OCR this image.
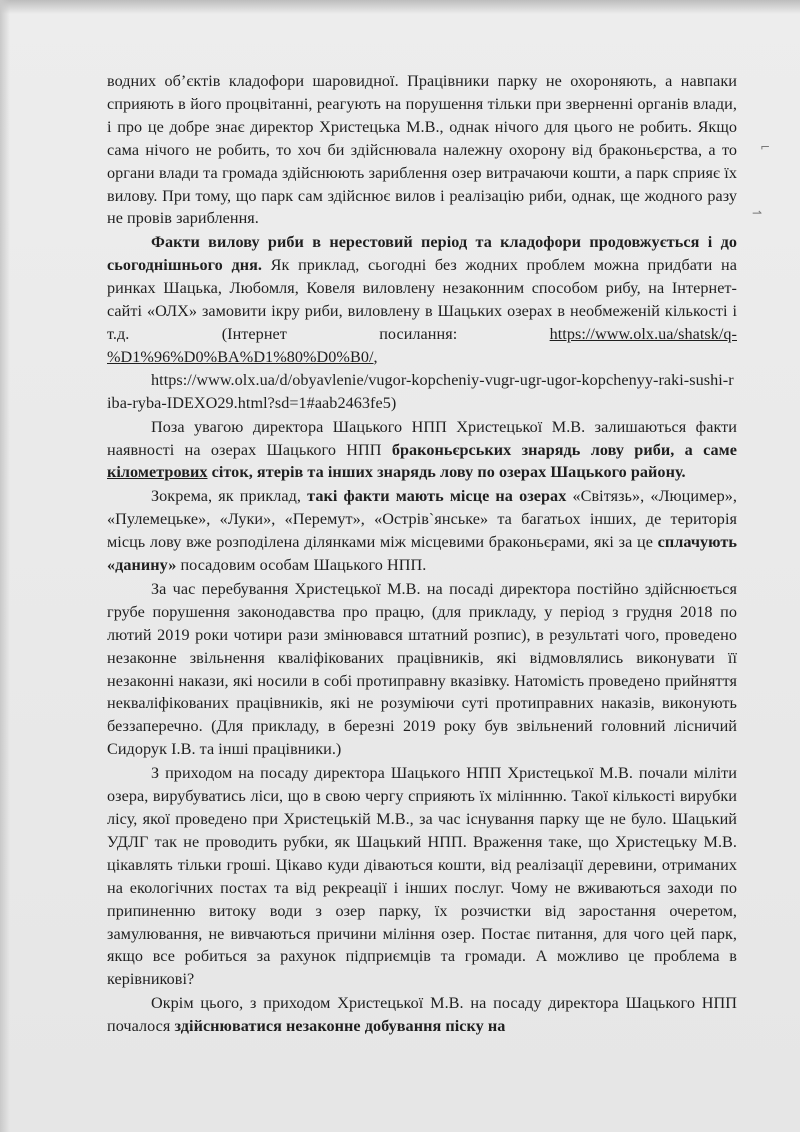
водних об’єктів кладофори шаровидної. Працівники парку не охороняють, а навпаки сприяють в його процвітанні, реагують на порушення тільки при зверненні органів влади, і про це добре знає директор Христецька М.В., однак нічого для цього не робить. Якщо сама нічого не робить, то хоч би здійснювала належну охорону від браконьєрства, а то органи влади та громада здійснюють зариблення озер витрачаючи кошти, а парк сприяє їх вилову. При тому, що парк сам здійснює вилов і реалізацію риби, однак, ще жодного разу не провів зариблення.

Факти вилову риби в нерестовий період та кладофори продовжується і до сьогоднішнього дня. Як приклад, сьогодні без жодних проблем можна придбати на ринках Шацька, Любомля, Ковеля виловлену незаконним способом рибу, на Інтернет-сайті «ОЛХ» замовити ікру риби, виловлену в Шацьких озерах в необмеженій кількості і т.д. (Інтернет посилання: https://www.olx.ua/shatsk/q-%D1%96%D0%BA%D1%80%D0%B0/,
https://www.olx.ua/d/obyavlenie/vugor-kopcheniy-vugr-ugr-ugor-kopchenyy-raki-sushi-riba-ryba-IDEXO29.html?sd=1#aab2463fe5)

Поза увагою директора Шацького НПП Христецької М.В. залишаються факти наявності на озерах Шацького НПП браконьєрських знарядь лову риби, а саме кілометрових сіток, ятерів та інших знарядь лову по озерах Шацького району.

Зокрема, як приклад, такі факти мають місце на озерах «Світязь», «Люцимер», «Пулемецьке», «Луки», «Перемут», «Острів`янське» та багатьох інших, де територія місць лову вже розподілена ділянками між місцевими браконьєрами, які за це сплачують «данину» посадовим особам Шацького НПП.

За час перебування Христецької М.В. на посаді директора постійно здійснюється грубе порушення законодавства про працю, (для прикладу, у період з грудня 2018 по лютий 2019 роки чотири рази змінювався штатний розпис), в результаті чого, проведено незаконне звільнення кваліфікованих працівників, які відмовлялись виконувати її незаконні накази, які носили в собі протиправну вказівку. Натомість проведено прийняття некваліфікованих працівників, які не розуміючи суті протиправних наказів, виконують беззаперечно. (Для прикладу, в березні 2019 року був звільнений головний лісничий Сидорук І.В. та інші працівники.)

З приходом на посаду директора Шацького НПП Христецької М.В. почали міліти озера, вирубуватись ліси, що в свою чергу сприяють їх міліннню. Такої кількості вирубки лісу, якої проведено при Христецькій М.В., за час існування парку ще не було. Шацький УДЛГ так не проводить рубки, як Шацький НПП. Враження таке, що Христецьку М.В. цікавлять тільки гроші. Цікаво куди діваються кошти, від реалізації деревини, отриманих на екологічних постах та від рекреації і інших послуг. Чому не вживаються заходи по припиненню витоку води з озер парку, їх розчистки від заростання очеретом, замулювання, не вивчаються причини міління озер. Постає питання, для чого цей парк, якщо все робиться за рахунок підприємців та громади. А можливо це проблема в керівникові?

Окрім цього, з приходом Христецької М.В. на посаду директора Шацького НПП почалося здійснюватися незаконне добування піску на

⌐
⇀
